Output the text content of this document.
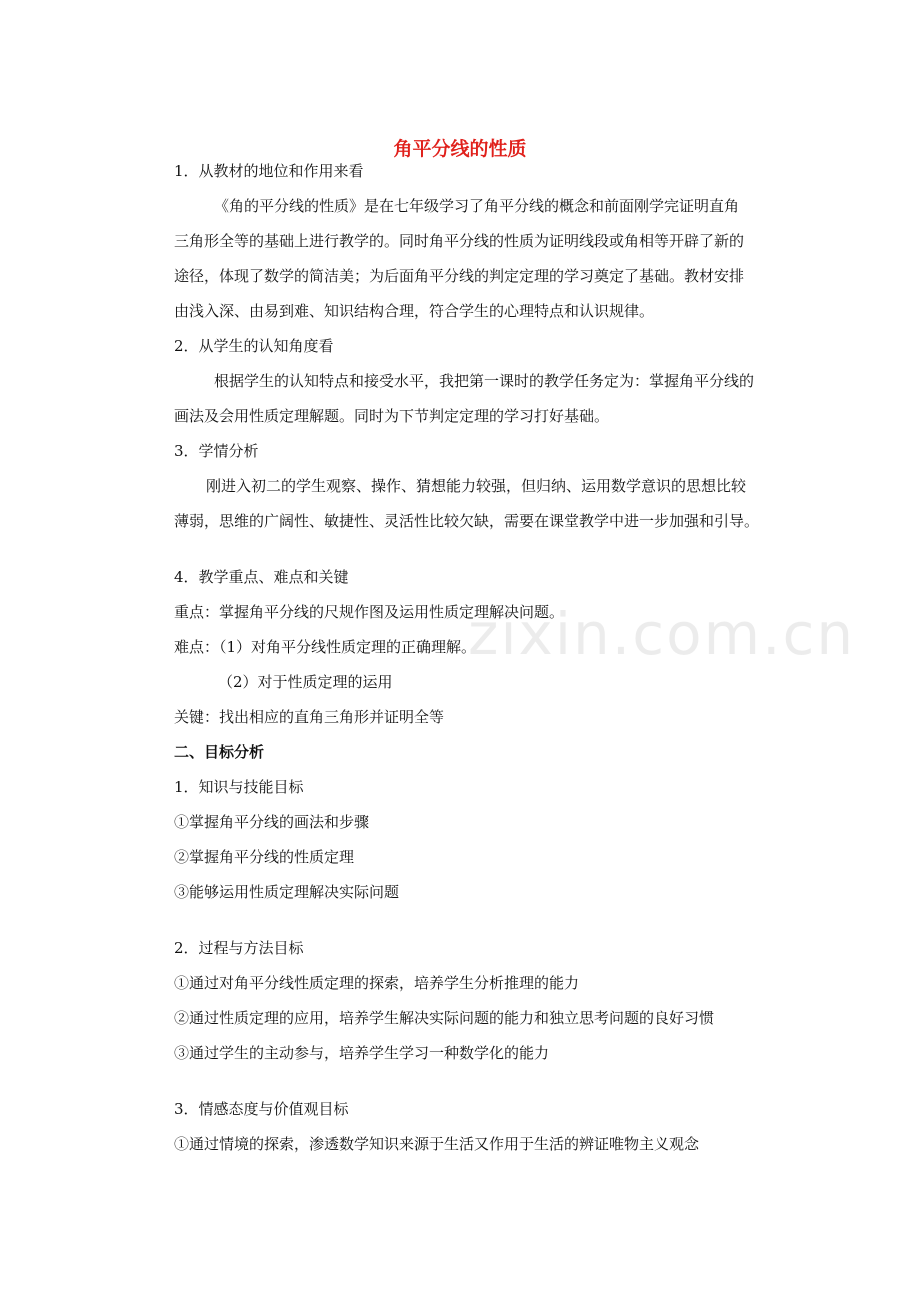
zixin.com.cn
角平分线的性质
1．从教材的地位和作用来看
《角的平分线的性质》是在七年级学习了角平分线的概念和前面刚学完证明直角
三角形全等的基础上进行教学的。同时角平分线的性质为证明线段或角相等开辟了新的
途径，体现了数学的简洁美；为后面角平分线的判定定理的学习奠定了基础。教材安排
由浅入深、由易到难、知识结构合理，符合学生的心理特点和认识规律。
2．从学生的认知角度看
根据学生的认知特点和接受水平，我把第一课时的教学任务定为：掌握角平分线的
画法及会用性质定理解题。同时为下节判定定理的学习打好基础。
3．学情分析
刚进入初二的学生观察、操作、猜想能力较强，但归纳、运用数学意识的思想比较
薄弱，思维的广阔性、敏捷性、灵活性比较欠缺，需要在课堂教学中进一步加强和引导。
4．教学重点、难点和关键
重点：掌握角平分线的尺规作图及运用性质定理解决问题。
难点：（1）对角平分线性质定理的正确理解。
（2）对于性质定理的运用
关键：找出相应的直角三角形并证明全等
二、目标分析
1．知识与技能目标
①掌握角平分线的画法和步骤
②掌握角平分线的性质定理
③能够运用性质定理解决实际问题
2．过程与方法目标
①通过对角平分线性质定理的探索，培养学生分析推理的能力
②通过性质定理的应用，培养学生解决实际问题的能力和独立思考问题的良好习惯
③通过学生的主动参与，培养学生学习一种数学化的能力
3．情感态度与价值观目标
①通过情境的探索，渗透数学知识来源于生活又作用于生活的辨证唯物主义观念
